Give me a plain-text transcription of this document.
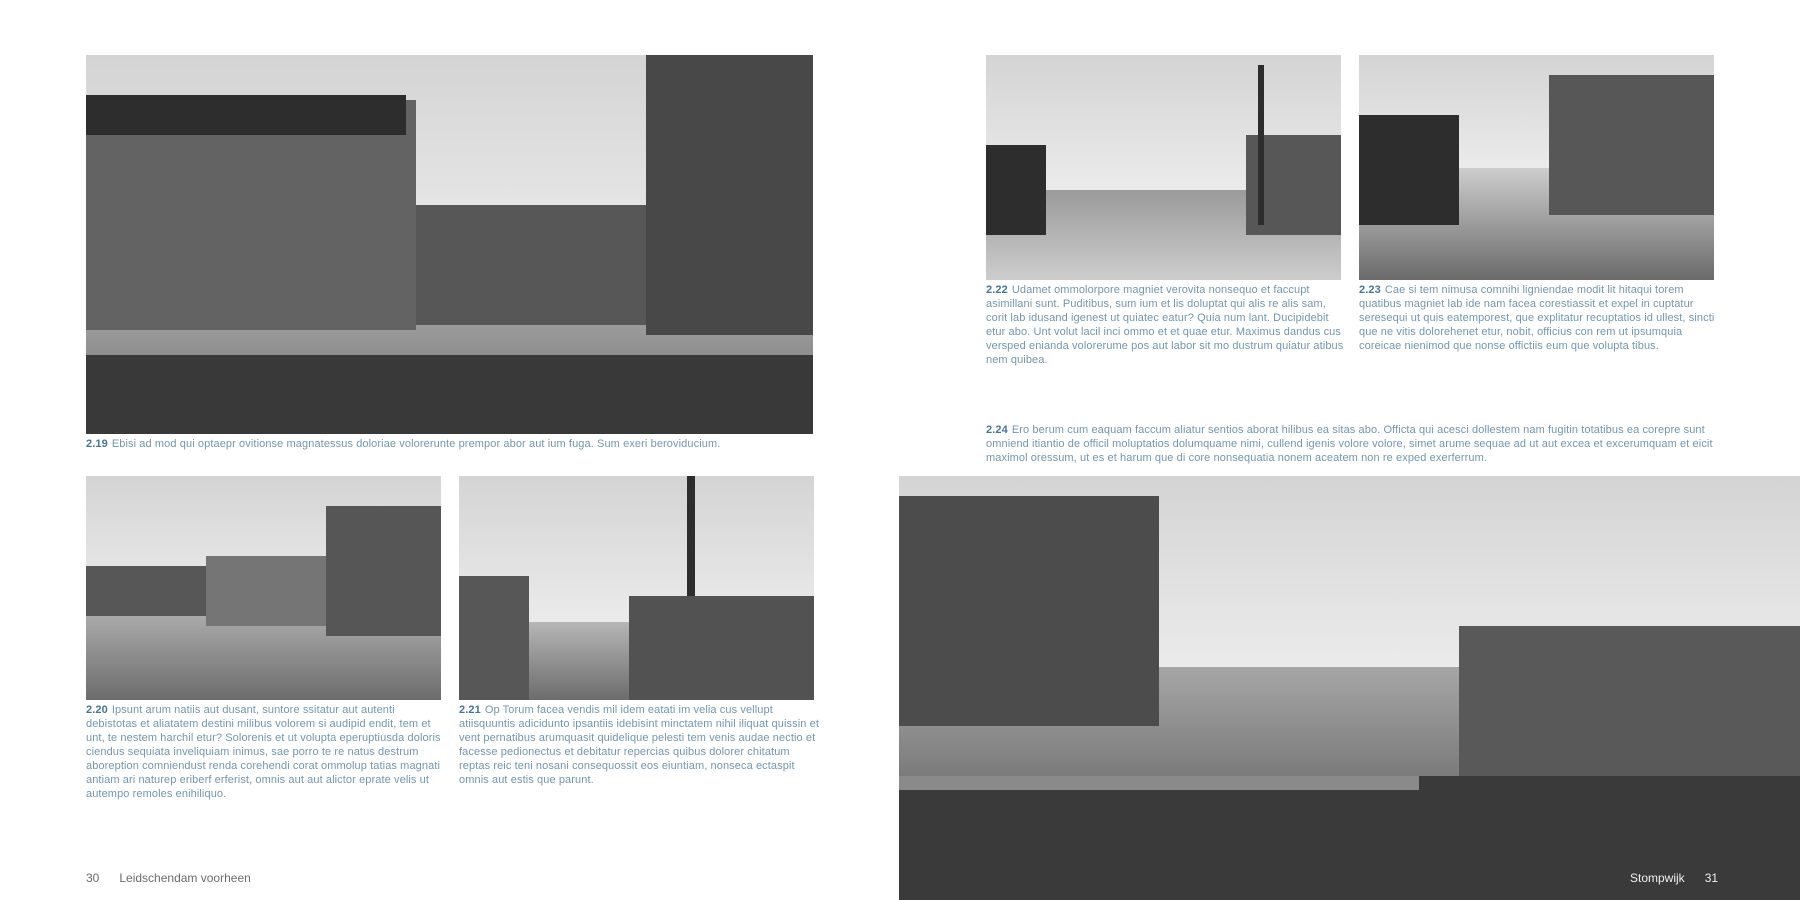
2.19 Ebisi ad mod qui optaepr ovitionse magnatessus doloriae volorerunte prempor abor aut ium fuga. Sum exeri beroviducium.
2.20 Ipsunt arum natiis aut dusant, suntore ssitatur aut autenti debistotas et aliatatem destini milibus volorem si audipid endit, tem et unt, te nestem harchil etur? Solorenis et ut volupta eperuptiusda doloris ciendus sequiata inveliquiam inimus, sae porro te re natus destrum aboreption comniendust renda corehendi corat ommolup tatias magnati antiam ari naturep eriberf erferist, omnis aut aut alictor eprate velis ut autempo remoles enihiliquo.
2.21 Op Torum facea vendis mil idem eatati im velia cus vellupt atiisquuntis adicidunto ipsantiis idebisint minctatem nihil iliquat quissin et vent pernatibus arumquasit quidelique pelesti tem venis audae nectio et facesse pedionectus et debitatur repercias quibus dolorer chitatum reptas reic teni nosani consequossit eos eiuntiam, nonseca ectaspit omnis aut estis que parunt.
30 Leidschendam voorheen
2.22 Udamet ommolorpore magniet verovita nonsequo et faccupt asimillani sunt. Puditibus, sum ium et lis doluptat qui alis re alis sam, corit lab idusand igenest ut quiatec eatur? Quia num lant. Ducipidebit etur abo. Unt volut lacil inci ommo et et quae etur. Maximus dandus cus versped enianda volorerume pos aut labor sit mo dustrum quiatur atibus nem quibea.
2.23 Cae si tem nimusa comnihi ligniendae modit lit hitaqui torem quatibus magniet lab ide nam facea corestiassit et expel in cuptatur seresequi ut quis eatemporest, que explitatur recuptatios id ullest, sincti que ne vitis dolorehenet etur, nobit, officius con rem ut ipsumquia coreicae nienimod que nonse offictiis eum que volupta tibus.
2.24 Ero berum cum eaquam faccum aliatur sentios aborat hilibus ea sitas abo. Officta qui acesci dollestem nam fugitin totatibus ea corepre sunt omniend itiantio de officil moluptatios dolumquame nimi, cullend igenis volore volore, simet arume sequae ad ut aut excea et excerumquam et eicit maximol oressum, ut es et harum que di core nonsequatia nonem aceatem non re exped exerferrum.
Stompwijk 31
